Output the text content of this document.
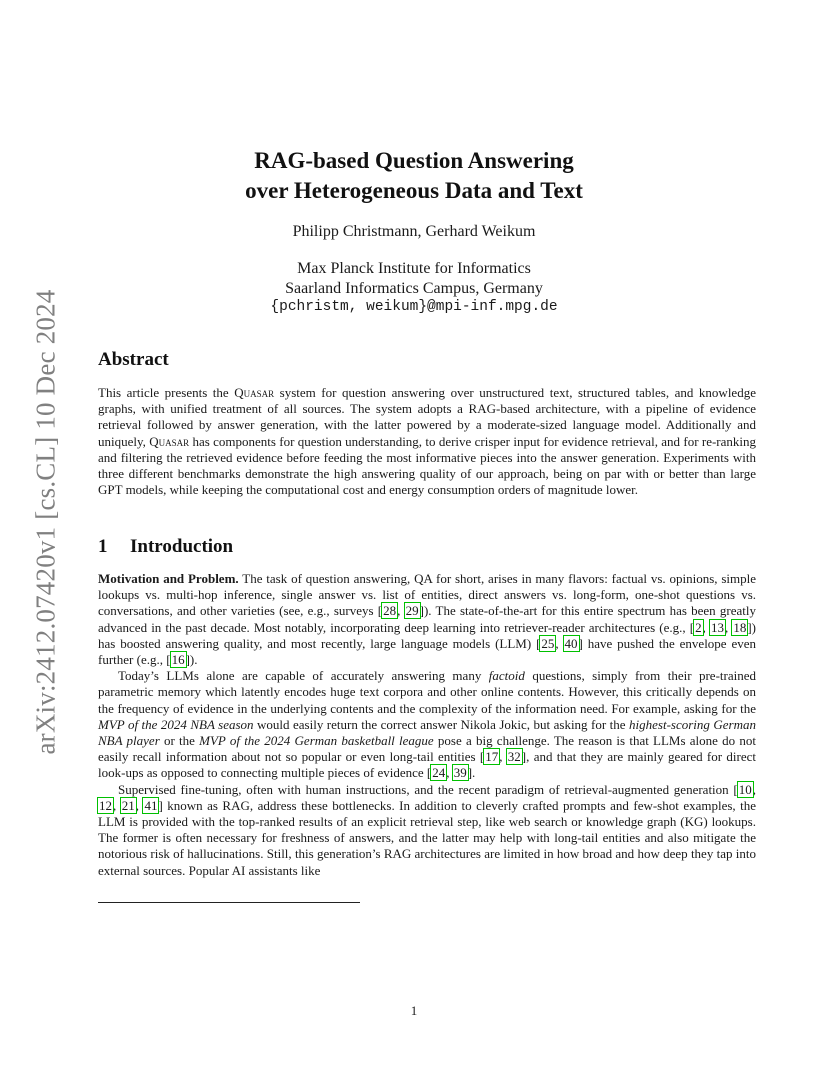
arXiv:2412.07420v1 [cs.CL] 10 Dec 2024
RAG-based Question Answering
over Heterogeneous Data and Text
Philipp Christmann, Gerhard Weikum
Max Planck Institute for Informatics
Saarland Informatics Campus, Germany
{pchristm, weikum}@mpi-inf.mpg.de
Abstract

This article presents the Quasar system for question answering over unstructured text, structured tables, and knowledge graphs, with unified treatment of all sources. The system adopts a RAG-based architecture, with a pipeline of evidence retrieval followed by answer generation, with the latter powered by a moderate-sized language model. Additionally and uniquely, Quasar has components for question understanding, to derive crisper input for evidence retrieval, and for re-ranking and filtering the retrieved evidence before feeding the most informative pieces into the answer generation. Experiments with three different benchmarks demonstrate the high answering quality of our approach, being on par with or better than large GPT models, while keeping the computational cost and energy consumption orders of magnitude lower.

1 Introduction

Motivation and Problem. The task of question answering, QA for short, arises in many flavors: factual vs. opinions, simple lookups vs. multi-hop inference, single answer vs. list of entities, direct answers vs. long-form, one-shot questions vs. conversations, and other varieties (see, e.g., surveys [28, 29]). The state-of-the-art for this entire spectrum has been greatly advanced in the past decade. Most notably, incorporating deep learning into retriever-reader architectures (e.g., [2, 13, 18]) has boosted answering quality, and most recently, large language models (LLM) [25, 40] have pushed the envelope even further (e.g., [16]).

Today’s LLMs alone are capable of accurately answering many factoid questions, simply from their pre-trained parametric memory which latently encodes huge text corpora and other online contents. However, this critically depends on the frequency of evidence in the underlying contents and the complexity of the information need. For example, asking for the MVP of the 2024 NBA season would easily return the correct answer Nikola Jokic, but asking for the highest-scoring German NBA player or the MVP of the 2024 German basketball league pose a big challenge. The reason is that LLMs alone do not easily recall information about not so popular or even long-tail entities [17, 32], and that they are mainly geared for direct look-ups as opposed to connecting multiple pieces of evidence [24, 39].

Supervised fine-tuning, often with human instructions, and the recent paradigm of retrieval-augmented generation [10, 12, 21, 41] known as RAG, address these bottlenecks. In addition to cleverly crafted prompts and few-shot examples, the LLM is provided with the top-ranked results of an explicit retrieval step, like web search or knowledge graph (KG) lookups. The former is often necessary for freshness of answers, and the latter may help with long-tail entities and also mitigate the notorious risk of hallucinations. Still, this generation’s RAG architectures are limited in how broad and how deep they tap into external sources. Popular AI assistants like

1
